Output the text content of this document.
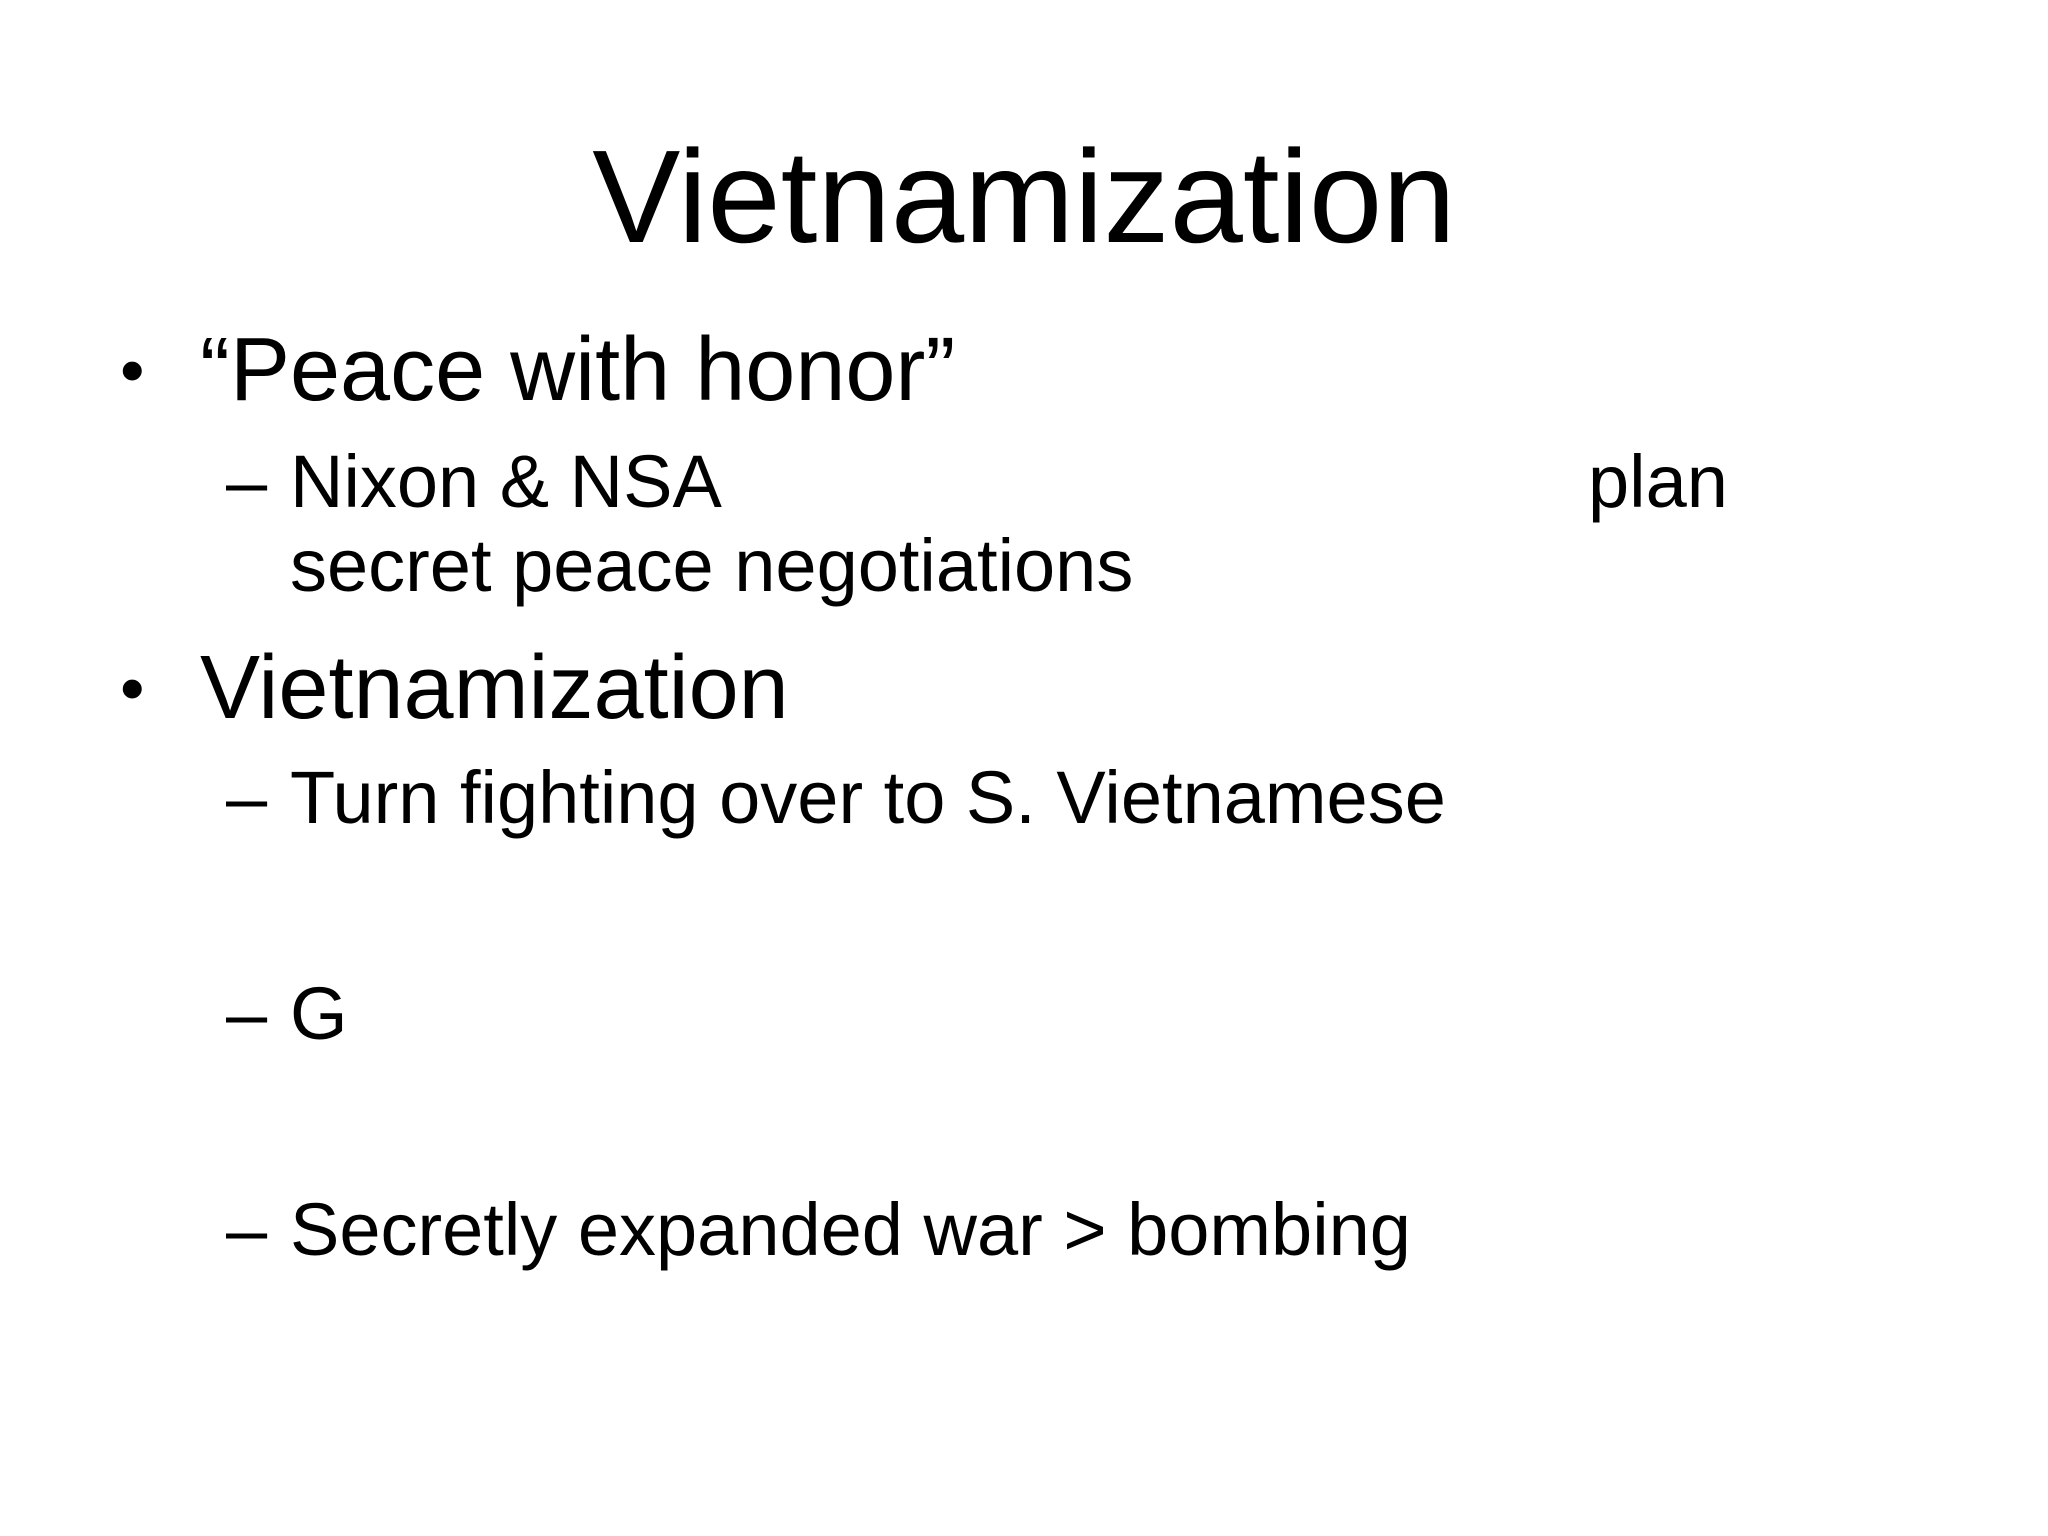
Vietnamization
• “Peace with honor”
– Nixon & NSA	plan
secret peace negotiations
• Vietnamization
– Turn fighting over to S. Vietnamese
– G
– Secretly expanded war > bombing
